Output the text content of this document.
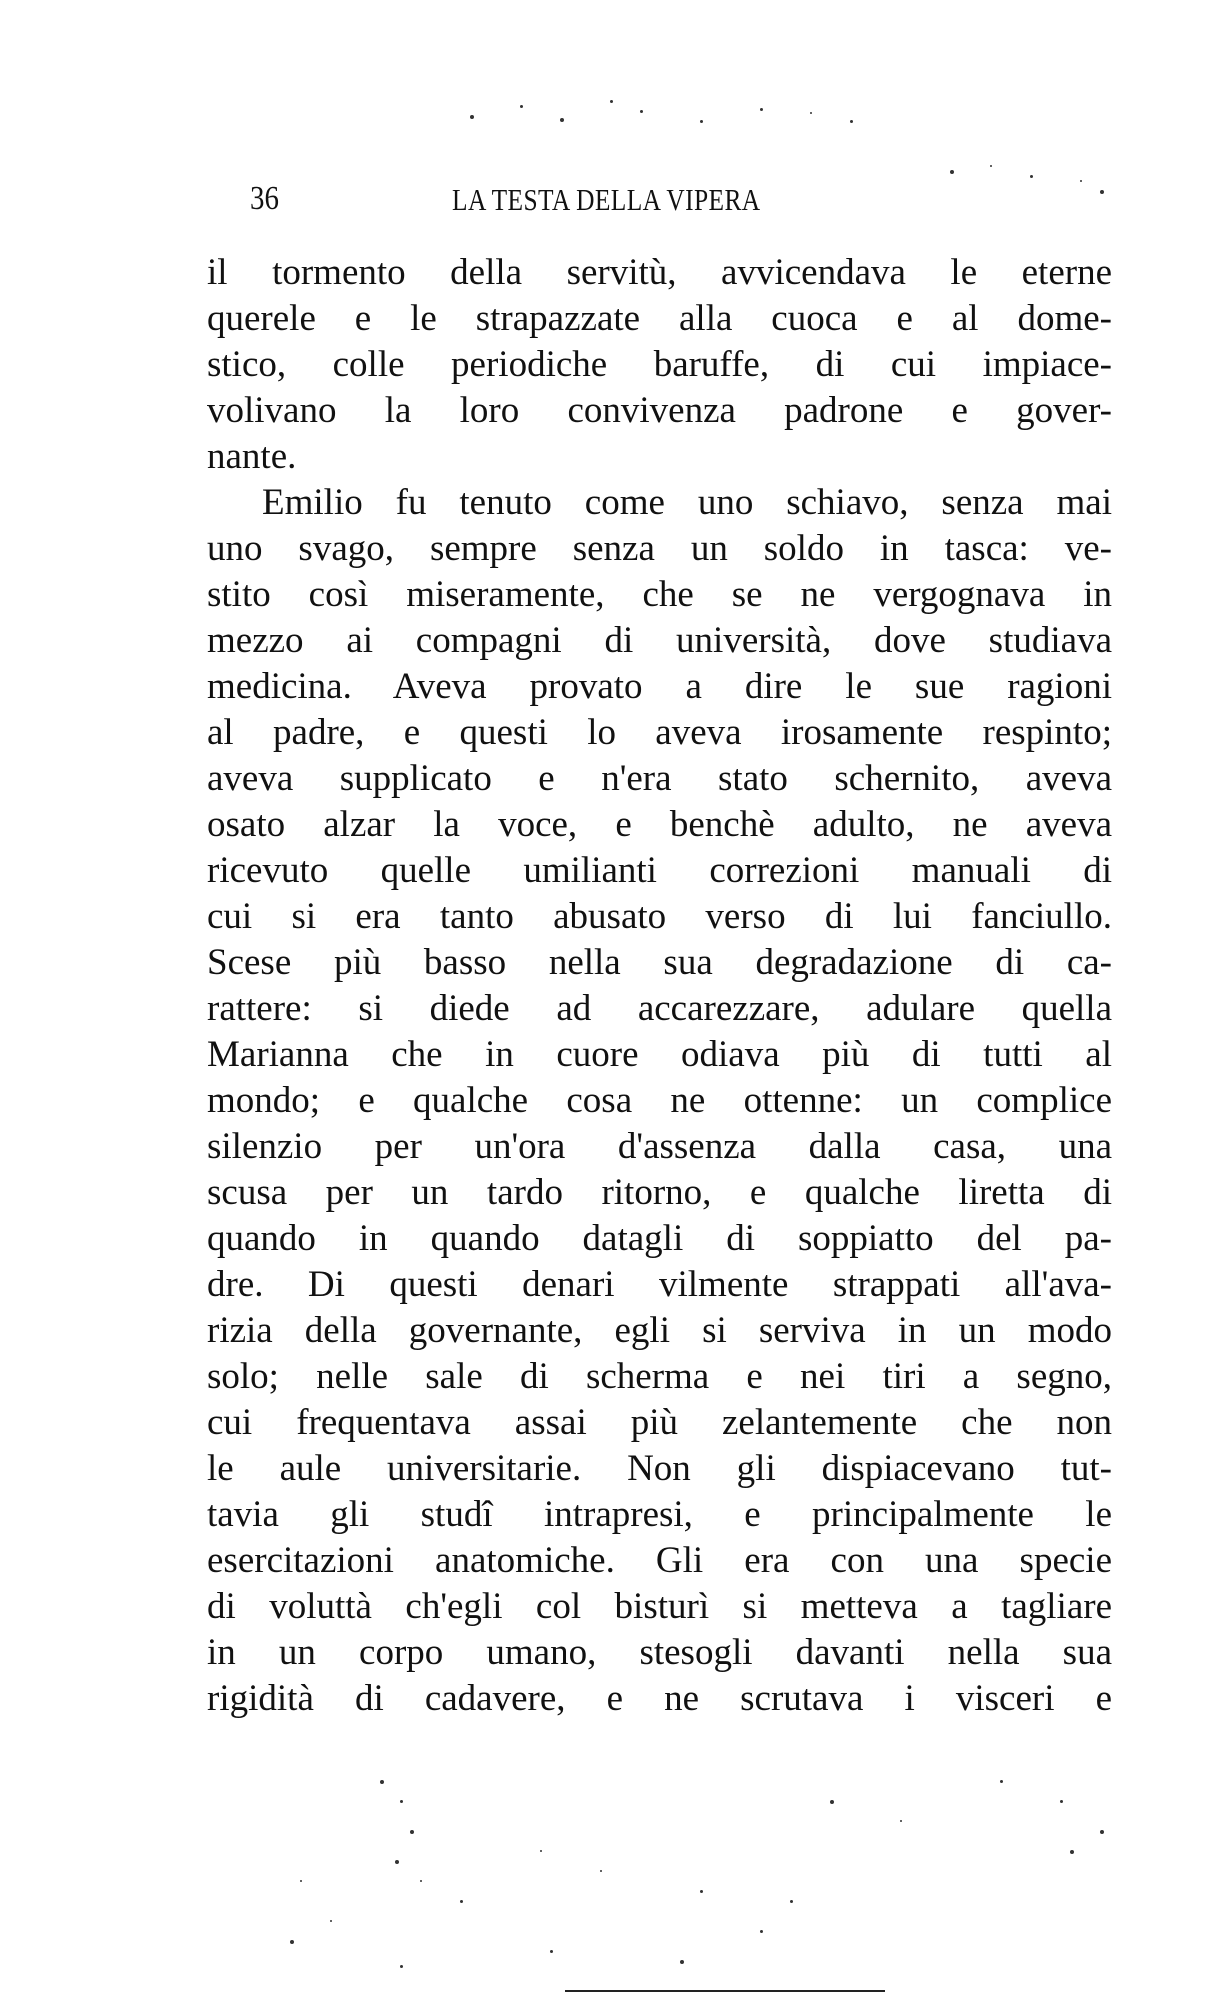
36	LA TESTA DELLA VIPERA
il tormento della servitù, avvicendava le eterne
querele e le strapazzate alla cuoca e al dome-
stico, colle periodiche baruffe, di cui impiace-
volivano la loro convivenza padrone e gover-
nante.
Emilio fu tenuto come uno schiavo, senza mai
uno svago, sempre senza un soldo in tasca: ve-
stito così miseramente, che se ne vergognava in
mezzo ai compagni di università, dove studiava
medicina. Aveva provato a dire le sue ragioni
al padre, e questi lo aveva irosamente respinto;
aveva supplicato e n'era stato schernito, aveva
osato alzar la voce, e benchè adulto, ne aveva
ricevuto quelle umilianti correzioni manuali di
cui si era tanto abusato verso di lui fanciullo.
Scese più basso nella sua degradazione di ca-
rattere: si diede ad accarezzare, adulare quella
Marianna che in cuore odiava più di tutti al
mondo; e qualche cosa ne ottenne: un complice
silenzio per un'ora d'assenza dalla casa, una
scusa per un tardo ritorno, e qualche liretta di
quando in quando datagli di soppiatto del pa-
dre. Di questi denari vilmente strappati all'ava-
rizia della governante, egli si serviva in un modo
solo; nelle sale di scherma e nei tiri a segno,
cui frequentava assai più zelantemente che non
le aule universitarie. Non gli dispiacevano tut-
tavia gli studî intrapresi, e principalmente le
esercitazioni anatomiche. Gli era con una specie
di voluttà ch'egli col bisturì si metteva a tagliare
in un corpo umano, stesogli davanti nella sua
rigidità di cadavere, e ne scrutava i visceri e
